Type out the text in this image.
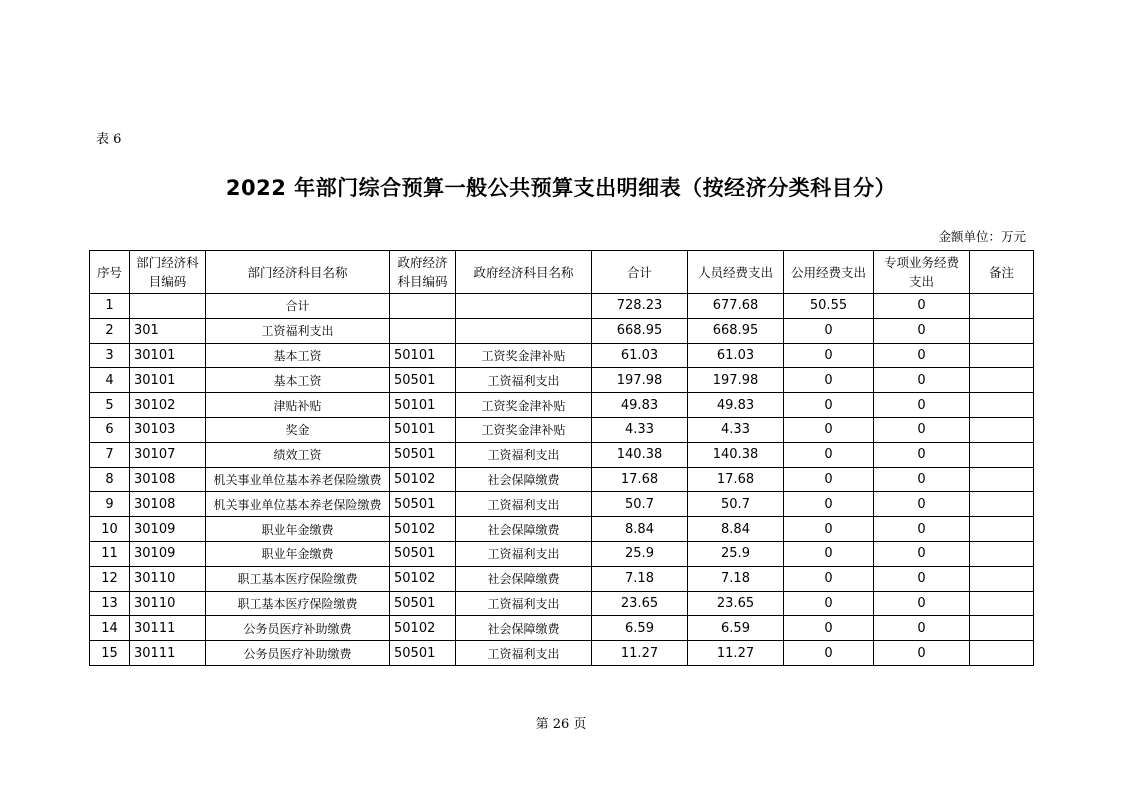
表 6
2022 年部门综合预算一般公共预算支出明细表（按经济分类科目分）
金额单位：万元
序号	部门经济科目编码	部门经济科目名称	政府经济科目编码	政府经济科目名称	合计	人员经费支出	公用经费支出	专项业务经费支出	备注
1		合计			728.23	677.68	50.55	0	
2	301	工资福利支出			668.95	668.95	0	0	
3	30101	基本工资	50101	工资奖金津补贴	61.03	61.03	0	0	
4	30101	基本工资	50501	工资福利支出	197.98	197.98	0	0	
5	30102	津贴补贴	50101	工资奖金津补贴	49.83	49.83	0	0	
6	30103	奖金	50101	工资奖金津补贴	4.33	4.33	0	0	
7	30107	绩效工资	50501	工资福利支出	140.38	140.38	0	0	
8	30108	机关事业单位基本养老保险缴费	50102	社会保障缴费	17.68	17.68	0	0	
9	30108	机关事业单位基本养老保险缴费	50501	工资福利支出	50.7	50.7	0	0	
10	30109	职业年金缴费	50102	社会保障缴费	8.84	8.84	0	0	
11	30109	职业年金缴费	50501	工资福利支出	25.9	25.9	0	0	
12	30110	职工基本医疗保险缴费	50102	社会保障缴费	7.18	7.18	0	0	
13	30110	职工基本医疗保险缴费	50501	工资福利支出	23.65	23.65	0	0	
14	30111	公务员医疗补助缴费	50102	社会保障缴费	6.59	6.59	0	0	
15	30111	公务员医疗补助缴费	50501	工资福利支出	11.27	11.27	0	0	
第 26 页
